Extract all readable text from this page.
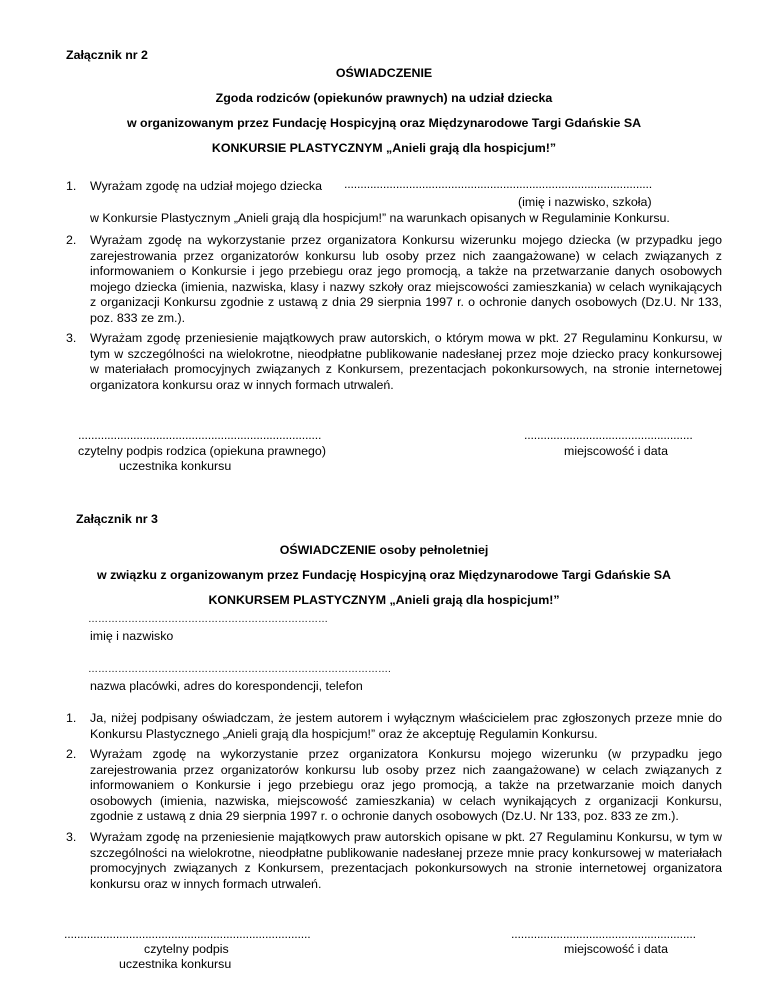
Załącznik nr 2
OŚWIADCZENIE
Zgoda rodziców (opiekunów prawnych) na udział dziecka
w organizowanym przez Fundację Hospicyjną oraz Międzynarodowe Targi Gdańskie SA
KONKURSIE PLASTYCZNYM „Anieli grają dla hospicjum!”
1. Wyrażam zgodę na udział mojego dziecka ...............................................................................................
(imię i nazwisko, szkoła)
w Konkursie Plastycznym „Anieli grają dla hospicjum!” na warunkach opisanych w Regulaminie Konkursu.
2. Wyrażam zgodę na wykorzystanie przez organizatora Konkursu wizerunku mojego dziecka (w przypadku jego zarejestrowania przez organizatorów konkursu lub osoby przez nich zaangażowane) w celach związanych z informowaniem o Konkursie i jego przebiegu oraz jego promocją, a także na przetwarzanie danych osobowych mojego dziecka (imienia, nazwiska, klasy i nazwy szkoły oraz miejscowości zamieszkania) w celach wynikających z organizacji Konkursu zgodnie z ustawą z dnia 29 sierpnia 1997 r. o ochronie danych osobowych (Dz.U. Nr 133, poz. 833 ze zm.).
3. Wyrażam zgodę przeniesienie majątkowych praw autorskich, o którym mowa w pkt. 27 Regulaminu Konkursu, w tym w szczególności na wielokrotne, nieodpłatne publikowanie nadesłanej przez moje dziecko pracy konkursowej w materiałach promocyjnych związanych z Konkursem, prezentacjach pokonkursowych, na stronie internetowej organizatora konkursu oraz w innych formach utrwaleń.
...........................................................................
czytelny podpis rodzica (opiekuna prawnego)
uczestnika konkursu
....................................................
miejscowość i data
Załącznik nr 3
OŚWIADCZENIE osoby pełnoletniej
w związku z organizowanym przez Fundację Hospicyjną oraz Międzynarodowe Targi Gdańskie SA
KONKURSEM PLASTYCZNYM „Anieli grają dla hospicjum!”
………………………………………………………………
imię i nazwisko
……………………………………………………………………………….
nazwa placówki, adres do korespondencji, telefon
1. Ja, niżej podpisany oświadczam, że jestem autorem i wyłącznym właścicielem prac zgłoszonych przeze mnie do Konkursu Plastycznego „Anieli grają dla hospicjum!” oraz że akceptuję Regulamin Konkursu.
2. Wyrażam zgodę na wykorzystanie przez organizatora Konkursu mojego wizerunku (w przypadku jego zarejestrowania przez organizatorów konkursu lub osoby przez nich zaangażowane) w celach związanych z informowaniem o Konkursie i jego przebiegu oraz jego promocją, a także na przetwarzanie moich danych osobowych (imienia, nazwiska, miejscowość zamieszkania) w celach wynikających z organizacji Konkursu, zgodnie z ustawą z dnia 29 sierpnia 1997 r. o ochronie danych osobowych (Dz.U. Nr 133, poz. 833 ze zm.).
3. Wyrażam zgodę na przeniesienie majątkowych praw autorskich opisane w pkt. 27 Regulaminu Konkursu, w tym w szczególności na wielokrotne, nieodpłatne publikowanie nadesłanej przeze mnie pracy konkursowej w materiałach promocyjnych związanych z Konkursem, prezentacjach pokonkursowych na stronie internetowej organizatora konkursu oraz w innych formach utrwaleń.
............................................................................
czytelny podpis
uczestnika konkursu
.........................................................
miejscowość i data
